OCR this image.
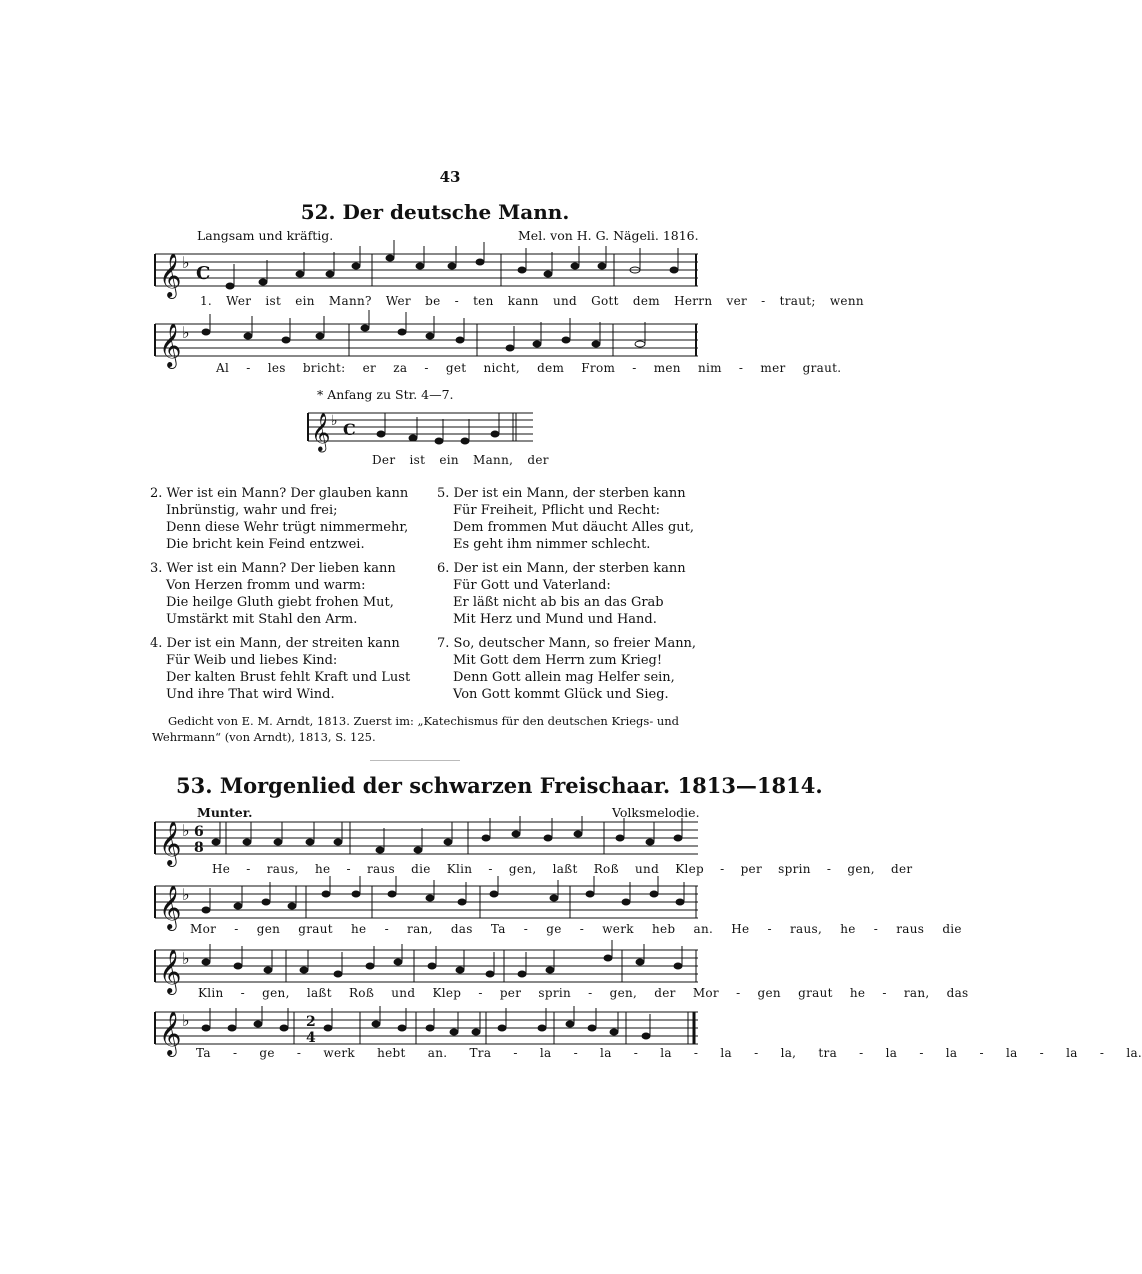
43
52. Der deutsche Mann.
Langsam und kräftig.	Mel. von H. G. Nägeli. 1816.
𝄞 ♭
C
1. Wer ist ein Mann? Wer be - ten kann und Gott dem Herrn ver - traut; wenn
𝄞 ♭
Al - les bricht: er za - get nicht, dem From - men nim - mer graut.
* Anfang zu Str. 4—7.
𝄞 ♭ C
Der ist ein Mann, der
2. Wer ist ein Mann? Der glauben kann
Inbrünstig, wahr und frei;
Denn diese Wehr trügt nimmermehr,
Die bricht kein Feind entzwei.
3. Wer ist ein Mann? Der lieben kann
Von Herzen fromm und warm:
Die heilge Gluth giebt frohen Mut,
Umstärkt mit Stahl den Arm.
4. Der ist ein Mann, der streiten kann
Für Weib und liebes Kind:
Der kalten Brust fehlt Kraft und Lust
Und ihre That wird Wind.
5. Der ist ein Mann, der sterben kann
Für Freiheit, Pflicht und Recht:
Dem frommen Mut däucht Alles gut,
Es geht ihm nimmer schlecht.
6. Der ist ein Mann, der sterben kann
Für Gott und Vaterland:
Er läßt nicht ab bis an das Grab
Mit Herz und Mund und Hand.
7. So, deutscher Mann, so freier Mann,
Mit Gott dem Herrn zum Krieg!
Denn Gott allein mag Helfer sein,
Von Gott kommt Glück und Sieg.
Gedicht von E. M. Arndt, 1813. Zuerst im: „Katechismus für den deutschen Kriegs- und
Wehrmann“ (von Arndt), 1813, S. 125.
53. Morgenlied der schwarzen Freischaar. 1813—1814.
Munter.	Volksmelodie.
𝄞 ♭ 6
8
He - raus, he - raus die Klin - gen, laßt Roß und Klep - per sprin - gen, der
𝄞 ♭
Mor - gen graut he - ran, das Ta - ge - werk heb an. He - raus, he - raus die
𝄞 ♭
Klin - gen, laßt Roß und Klep - per sprin - gen, der Mor - gen graut he - ran, das
𝄞 ♭	2
4
Ta - ge - werk hebt an. Tra - la - la - la - la - la, tra - la - la - la - la - la.
